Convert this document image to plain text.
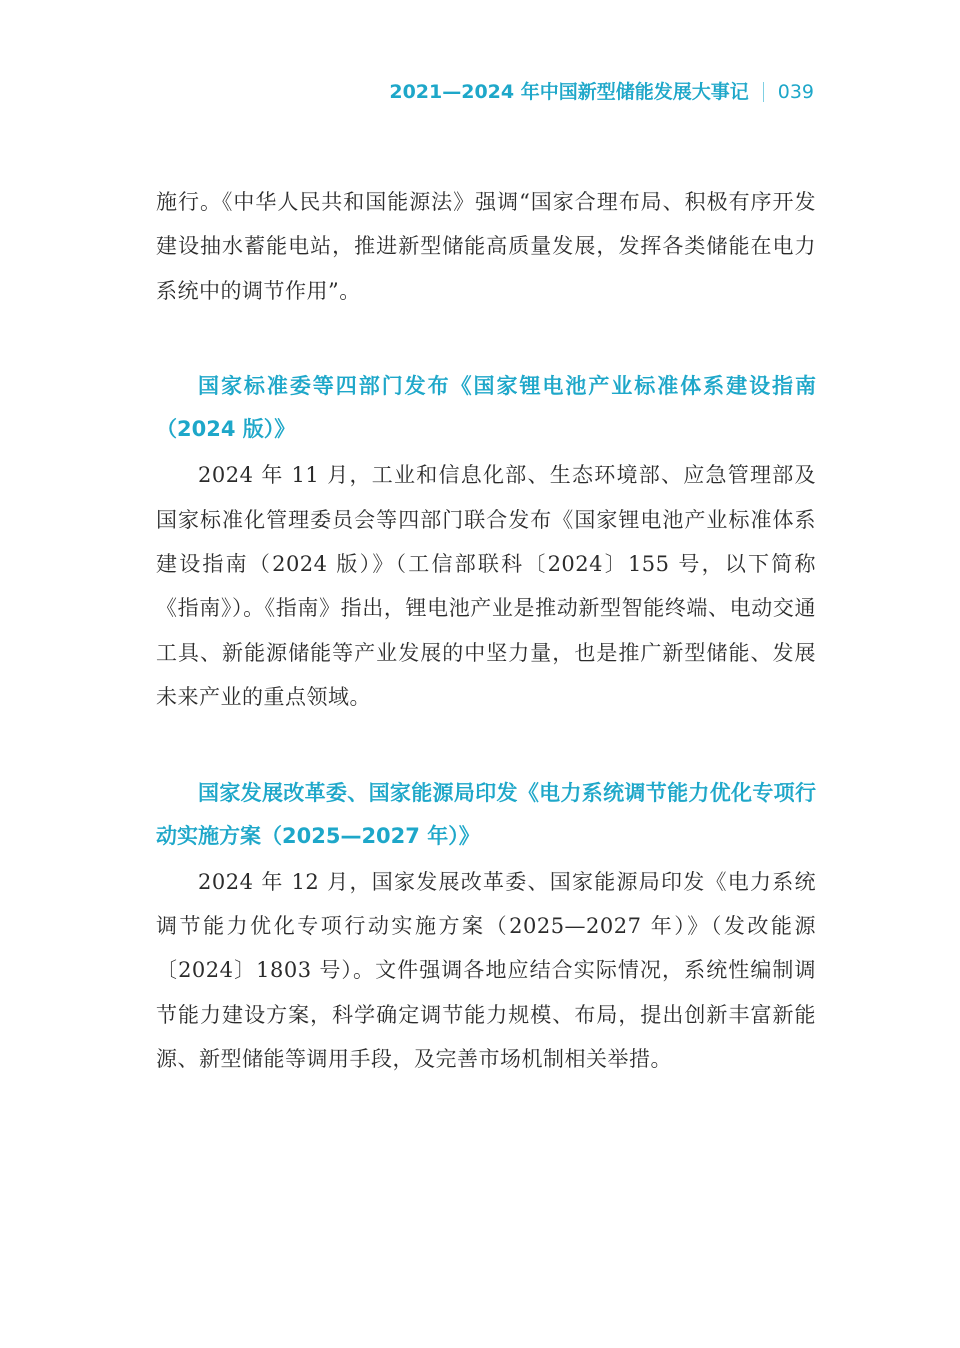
2021—2024 年中国新型储能发展大事记 039

施行。《中华人民共和国能源法》强调“国家合理布局、积极有序开发建设抽水蓄能电站，推进新型储能高质量发展，发挥各类储能在电力系统中的调节作用”。

国家标准委等四部门发布《国家锂电池产业标准体系建设指南（2024 版）》

2024 年 11 月，工业和信息化部、生态环境部、应急管理部及国家标准化管理委员会等四部门联合发布《国家锂电池产业标准体系建设指南（2024 版）》（工信部联科〔2024〕155 号，以下简称《指南》）。《指南》指出，锂电池产业是推动新型智能终端、电动交通工具、新能源储能等产业发展的中坚力量，也是推广新型储能、发展未来产业的重点领域。

国家发展改革委、国家能源局印发《电力系统调节能力优化专项行动实施方案（2025—2027 年）》

2024 年 12 月，国家发展改革委、国家能源局印发《电力系统调节能力优化专项行动实施方案（2025—2027 年）》（发改能源〔2024〕1803 号）。文件强调各地应结合实际情况，系统性编制调节能力建设方案，科学确定调节能力规模、布局，提出创新丰富新能源、新型储能等调用手段，及完善市场机制相关举措。
